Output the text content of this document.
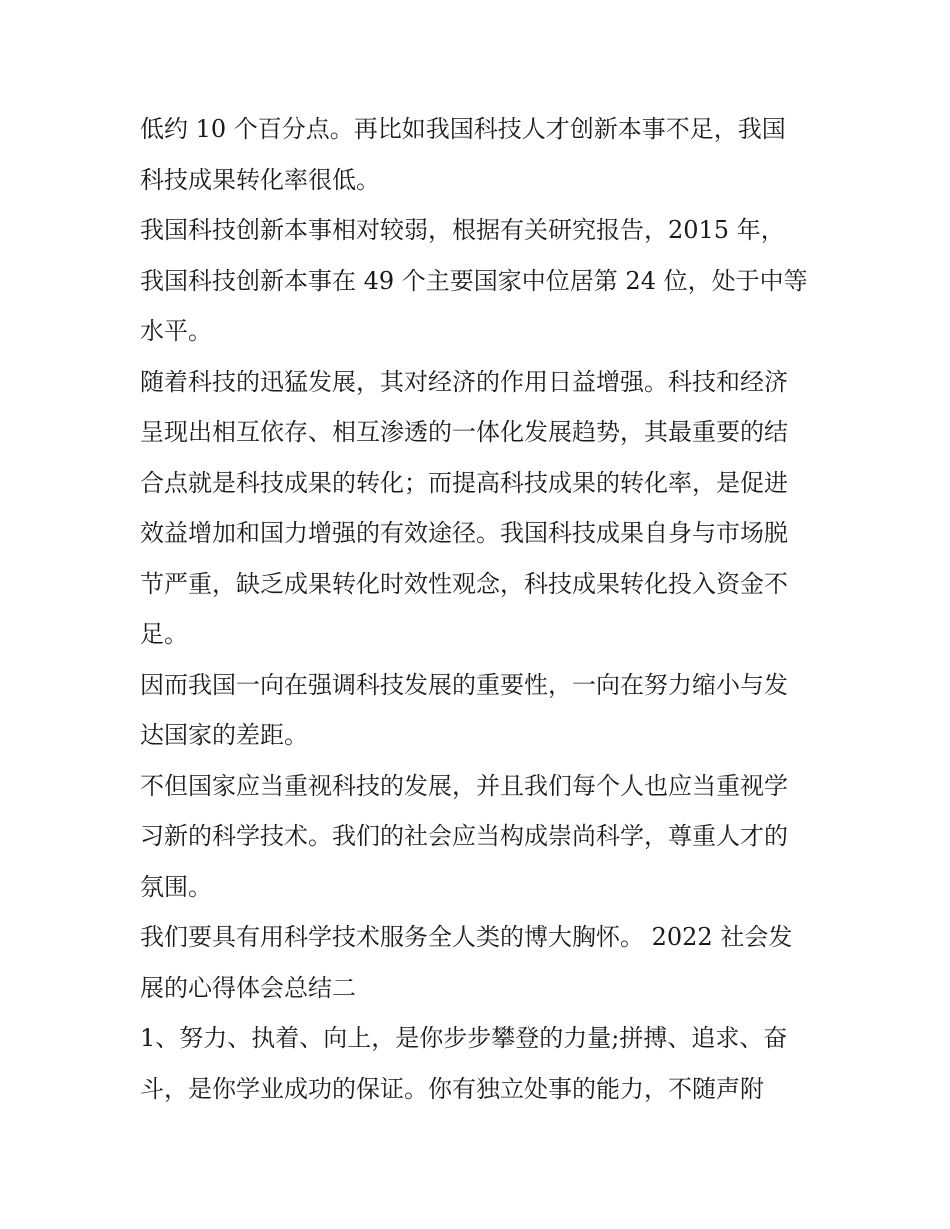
低约 10 个百分点。再比如我国科技人才创新本事不足，我国
科技成果转化率很低。
我国科技创新本事相对较弱，根据有关研究报告，2015 年，
我国科技创新本事在 49 个主要国家中位居第 24 位，处于中等
水平。
随着科技的迅猛发展，其对经济的作用日益增强。科技和经济
呈现出相互依存、相互渗透的一体化发展趋势，其最重要的结
合点就是科技成果的转化；而提高科技成果的转化率，是促进
效益增加和国力增强的有效途径。我国科技成果自身与市场脱
节严重，缺乏成果转化时效性观念，科技成果转化投入资金不
足。
因而我国一向在强调科技发展的重要性，一向在努力缩小与发
达国家的差距。
不但国家应当重视科技的发展，并且我们每个人也应当重视学
习新的科学技术。我们的社会应当构成崇尚科学，尊重人才的
氛围。
我们要具有用科学技术服务全人类的博大胸怀。 2022 社会发
展的心得体会总结二
1、努力、执着、向上，是你步步攀登的力量;拼搏、追求、奋
斗，是你学业成功的保证。你有独立处事的能力，不随声附
